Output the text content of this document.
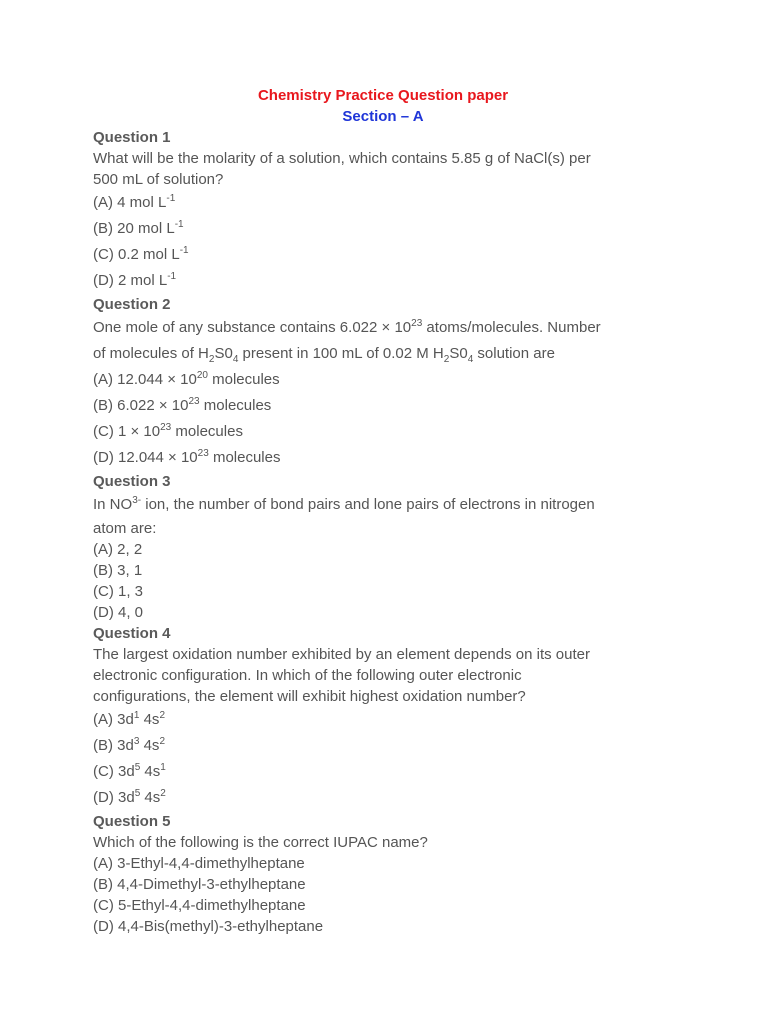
Chemistry Practice Question paper
Section – A
Question 1
What will be the molarity of a solution, which contains 5.85 g of NaCl(s) per
500 mL of solution?
(A) 4 mol $L^{-1}$
(B) 20 mol $L^{-1}$
(C) 0.2 mol $L^{-1}$
(D) 2 mol $L^{-1}$
Question 2
One mole of any substance contains $6.022 \times 10^{23}$ atoms/molecules. Number
of molecules of $H_2S0_4$ present in 100 mL of 0.02 M $H_2S0_4$ solution are
(A) $12.044 \times 10^{20}$ molecules
(B) $6.022 \times 10^{23}$ molecules
(C) $1 \times 10^{23}$ molecules
(D) $12.044 \times 10^{23}$ molecules
Question 3
In $NO^{3-}$ ion, the number of bond pairs and lone pairs of electrons in nitrogen
atom are:
(A) 2, 2
(B) 3, 1
(C) 1, 3
(D) 4, 0
Question 4
The largest oxidation number exhibited by an element depends on its outer
electronic configuration. In which of the following outer electronic
configurations, the element will exhibit highest oxidation number?
(A) $3d^1$ $4s^2$
(B) $3d^3$ $4s^2$
(C) $3d^5$ $4s^1$
(D) $3d^5$ $4s^2$
Question 5
Which of the following is the correct IUPAC name?
(A) 3-Ethyl-4,4-dimethylheptane
(B) 4,4-Dimethyl-3-ethylheptane
(C) 5-Ethyl-4,4-dimethylheptane
(D) 4,4-Bis(methyl)-3-ethylheptane
